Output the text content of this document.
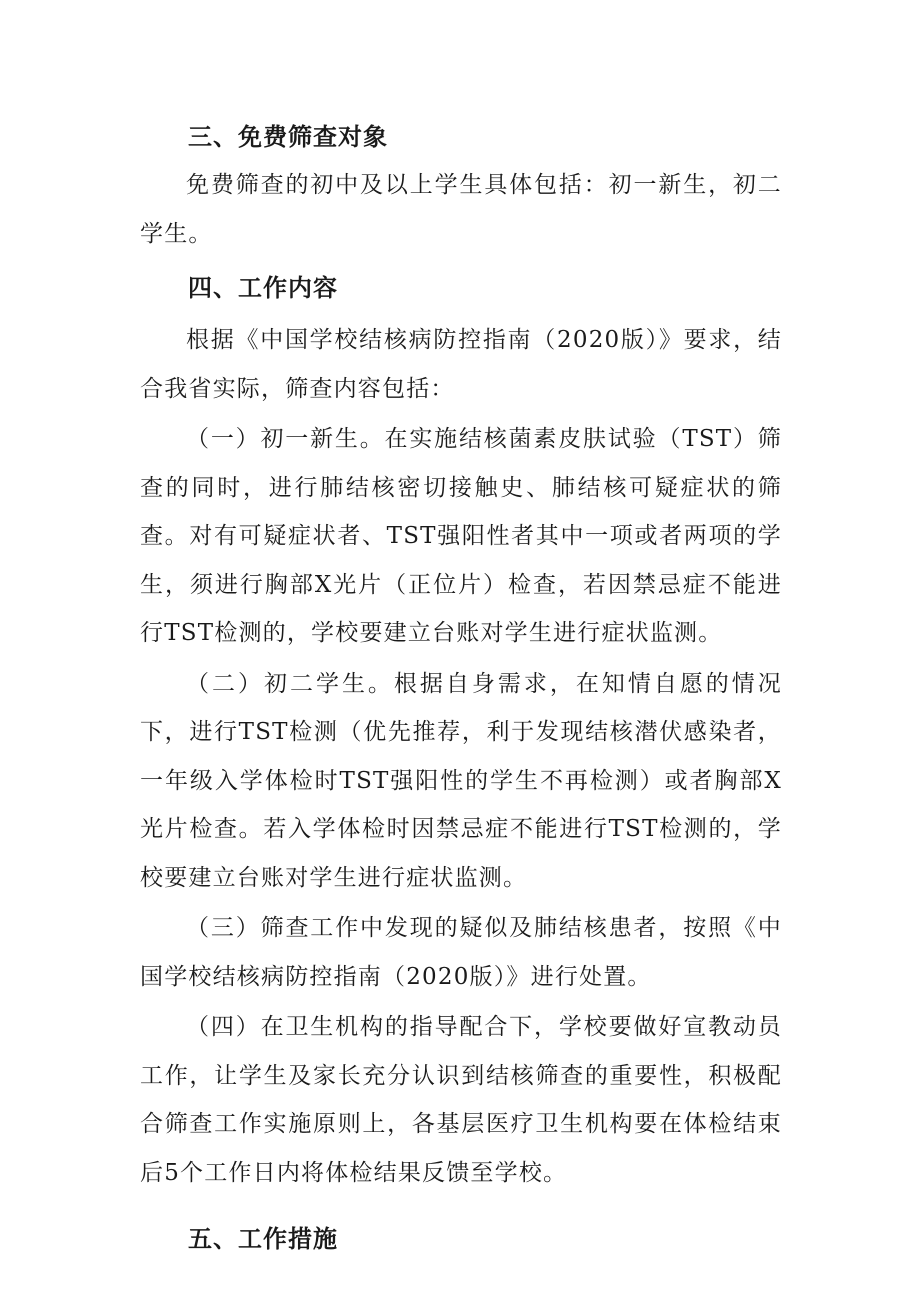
三、免费筛查对象

免费筛查的初中及以上学生具体包括：初一新生，初二学生。

四、工作内容

根据《中国学校结核病防控指南（2020版）》要求，结合我省实际，筛查内容包括：

（一）初一新生。在实施结核菌素皮肤试验（TST）筛查的同时，进行肺结核密切接触史、肺结核可疑症状的筛查。对有可疑症状者、TST强阳性者其中一项或者两项的学生，须进行胸部X光片（正位片）检查，若因禁忌症不能进行TST检测的，学校要建立台账对学生进行症状监测。

（二）初二学生。根据自身需求，在知情自愿的情况下，进行TST检测（优先推荐，利于发现结核潜伏感染者，一年级入学体检时TST强阳性的学生不再检测）或者胸部X光片检查。若入学体检时因禁忌症不能进行TST检测的，学校要建立台账对学生进行症状监测。

（三）筛查工作中发现的疑似及肺结核患者，按照《中国学校结核病防控指南（2020版）》进行处置。

（四）在卫生机构的指导配合下，学校要做好宣教动员工作，让学生及家长充分认识到结核筛查的重要性，积极配合筛查工作实施原则上，各基层医疗卫生机构要在体检结束后5个工作日内将体检结果反馈至学校。

五、工作措施
